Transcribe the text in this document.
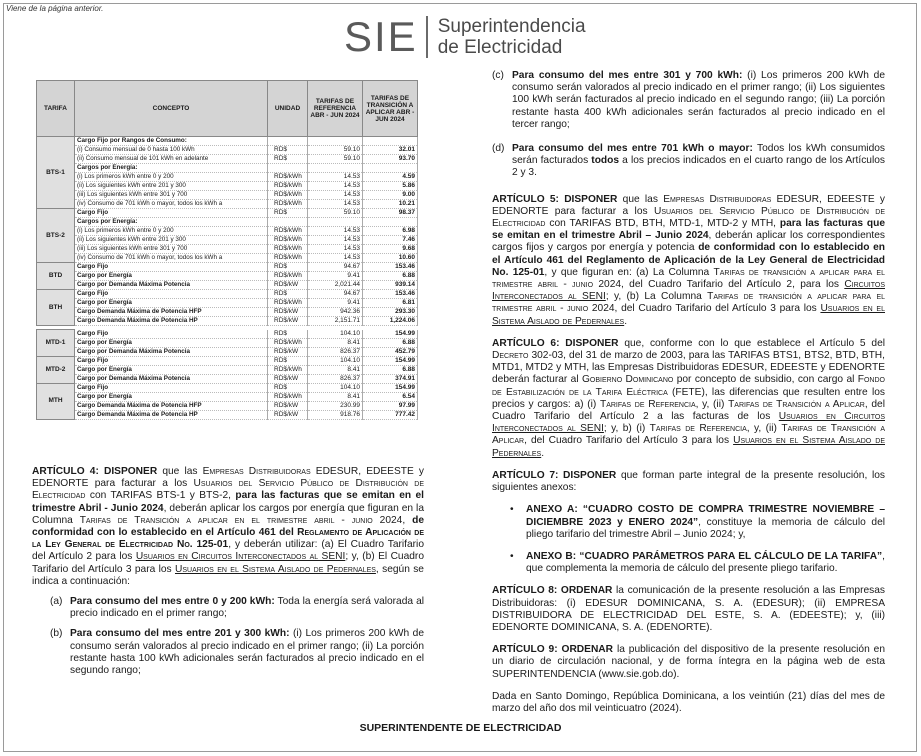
Viene de la página anterior.
SIE Superintendencia
de Electricidad
TARIFA	CONCEPTO	UNIDAD	TARIFAS DE REFERENCIA ABR - JUN 2024	TARIFAS DE TRANSICIÓN A APLICAR ABR - JUN 2024
BTS-1	Cargo Fijo por Rangos de Consumo:			
	(i) Consumo mensual de 0 hasta 100 kWh	RD$	59.10	32.01
	(ii) Consumo mensual de 101 kWh en adelante	RD$	59.10	93.70
	Cargos por Energía:			
	(i) Los primeros kWh entre 0 y 200	RD$/kWh	14.53	4.59
	(ii) Los siguientes kWh entre 201 y 300	RD$/kWh	14.53	5.86
	(iii) Los siguientes kWh entre 301 y 700	RD$/kWh	14.53	9.00
	(iv) Consumo de 701 kWh o mayor, todos los kWh a	RD$/kWh	14.53	10.21
BTS-2	Cargo Fijo	RD$	59.10	98.37
	Cargos por Energía:			
	(i) Los primeros kWh entre 0 y 200	RD$/kWh	14.53	6.98
	(ii) Los siguientes kWh entre 201 y 300	RD$/kWh	14.53	7.46
	(iii) Los siguientes kWh entre 301 y 700	RD$/kWh	14.53	9.68
	(iv) Consumo de 701 kWh o mayor, todos los kWh a	RD$/kWh	14.53	10.60
BTD	Cargo Fijo	RD$	94.67	153.46
	Cargo por Energía	RD$/kWh	9.41	6.88
	Cargo por Demanda Máxima Potencia	RD$/kW	2,021.44	939.14
BTH	Cargo Fijo	RD$	94.67	153.46
	Cargo por Energía	RD$/kWh	9.41	6.81
	Cargo Demanda Máxima de Potencia HFP	RD$/kW	942.36	293.30
	Cargo Demanda Máxima de Potencia HP	RD$/kW	2,151.71	1,224.06

MTD-1	Cargo Fijo	RD$	104.10	154.99
	Cargo por Energía	RD$/kWh	8.41	6.88
	Cargo por Demanda Máxima Potencia	RD$/kW	826.37	452.79
MTD-2	Cargo Fijo	RD$	104.10	154.99
	Cargo por Energía	RD$/kWh	8.41	6.88
	Cargo por Demanda Máxima Potencia	RD$/kW	826.37	374.91
MTH	Cargo Fijo	RD$	104.10	154.99
	Cargo por Energía	RD$/kWh	8.41	6.54
	Cargo Demanda Máxima de Potencia HFP	RD$/kW	230.99	97.99
	Cargo Demanda Máxima de Potencia HP	RD$/kW	918.76	777.42

ARTÍCULO 4: DISPONER que las Empresas Distribuidoras EDESUR, EDEESTE y EDENORTE para facturar a los Usuarios del Servicio Público de Distribución de Electricidad con TARIFAS BTS-1 y BTS-2, para las facturas que se emitan en el trimestre Abril - Junio 2024, deberán aplicar los cargos por energía que figuran en la Columna Tarifas de Transición a aplicar en el trimestre abril - junio 2024, de conformidad con lo establecido en el Artículo 461 del Reglamento de Aplicación de la Ley General de Electricidad No. 125-01, y deberán utilizar: (a) El Cuadro Tarifario del Artículo 2 para los Usuarios en Circuitos Interconectados al SENI; y, (b) El Cuadro Tarifario del Artículo 3 para los Usuarios en el Sistema Aislado de Pedernales, según se indica a continuación:

(a) Para consumo del mes entre 0 y 200 kWh: Toda la energía será valorada al precio indicado en el primer rango;

(b) Para consumo del mes entre 201 y 300 kWh: (i) Los primeros 200 kWh de consumo serán valorados al precio indicado en el primer rango; (ii) La porción restante hasta 100 kWh adicionales serán facturados al precio indicado en el segundo rango;

(c) Para consumo del mes entre 301 y 700 kWh: (i) Los primeros 200 kWh de consumo serán valorados al precio indicado en el primer rango; (ii) Los siguientes 100 kWh serán facturados al precio indicado en el segundo rango; (iii) La porción restante hasta 400 kWh adicionales serán facturados al precio indicado en el tercer rango;

(d) Para consumo del mes entre 701 kWh o mayor: Todos los kWh consumidos serán facturados todos a los precios indicados en el cuarto rango de los Artículos 2 y 3.

ARTÍCULO 5: DISPONER que las Empresas Distribuidoras EDESUR, EDEESTE y EDENORTE para facturar a los Usuarios del Servicio Público de Distribución de Electricidad con TARIFAS BTD, BTH, MTD-1, MTD-2 y MTH, para las facturas que se emitan en el trimestre Abril – Junio 2024, deberán aplicar los correspondientes cargos fijos y cargos por energía y potencia de conformidad con lo establecido en el Artículo 461 del Reglamento de Aplicación de la Ley General de Electricidad No. 125-01, y que figuran en: (a) La Columna Tarifas de transición a aplicar para el trimestre abril - junio 2024, del Cuadro Tarifario del Artículo 2, para los Circuitos Interconectados al SENI; y, (b) La Columna Tarifas de transición a aplicar para el trimestre abril - junio 2024, del Cuadro Tarifario del Artículo 3 para los Usuarios en el Sistema Aislado de Pedernales.

ARTÍCULO 6: DISPONER que, conforme con lo que establece el Artículo 5 del Decreto 302-03, del 31 de marzo de 2003, para las TARIFAS BTS1, BTS2, BTD, BTH, MTD1, MTD2 y MTH, las Empresas Distribuidoras EDESUR, EDEESTE y EDENORTE deberán facturar al Gobierno Dominicano por concepto de subsidio, con cargo al Fondo de Estabilización de la Tarifa Eléctrica (FETE), las diferencias que resulten entre los precios y cargos: a) (i) Tarifas de Referencia, y, (ii) Tarifas de Transición a Aplicar, del Cuadro Tarifario del Artículo 2 a las facturas de los Usuarios en Circuitos Interconectados al SENI; y, b) (i) Tarifas de Referencia, y, (ii) Tarifas de Transición a Aplicar, del Cuadro Tarifario del Artículo 3 para los Usuarios en el Sistema Aislado de Pedernales.

ARTÍCULO 7: DISPONER que forman parte integral de la presente resolución, los siguientes anexos:

•	ANEXO A: “CUADRO COSTO DE COMPRA TRIMESTRE NOVIEMBRE – DICIEMBRE 2023 y ENERO 2024”, constituye la memoria de cálculo del pliego tarifario del trimestre Abril – Junio 2024; y,

•	ANEXO B: “CUADRO PARÁMETROS PARA EL CÁLCULO DE LA TARIFA”, que complementa la memoria de cálculo del presente pliego tarifario.

ARTÍCULO 8: ORDENAR la comunicación de la presente resolución a las Empresas Distribuidoras: (i) EDESUR DOMINICANA, S. A. (EDESUR); (ii) EMPRESA DISTRIBUIDORA DE ELECTRICIDAD DEL ESTE, S. A. (EDEESTE); y, (iii) EDENORTE DOMINICANA, S. A. (EDENORTE).

ARTÍCULO 9: ORDENAR la publicación del dispositivo de la presente resolución en un diario de circulación nacional, y de forma íntegra en la página web de esta SUPERINTENDENCIA (www.sie.gob.do).

Dada en Santo Domingo, República Dominicana, a los veintiún (21) días del mes de marzo del año dos mil veinticuatro (2024).

SUPERINTENDENTE DE ELECTRICIDAD
